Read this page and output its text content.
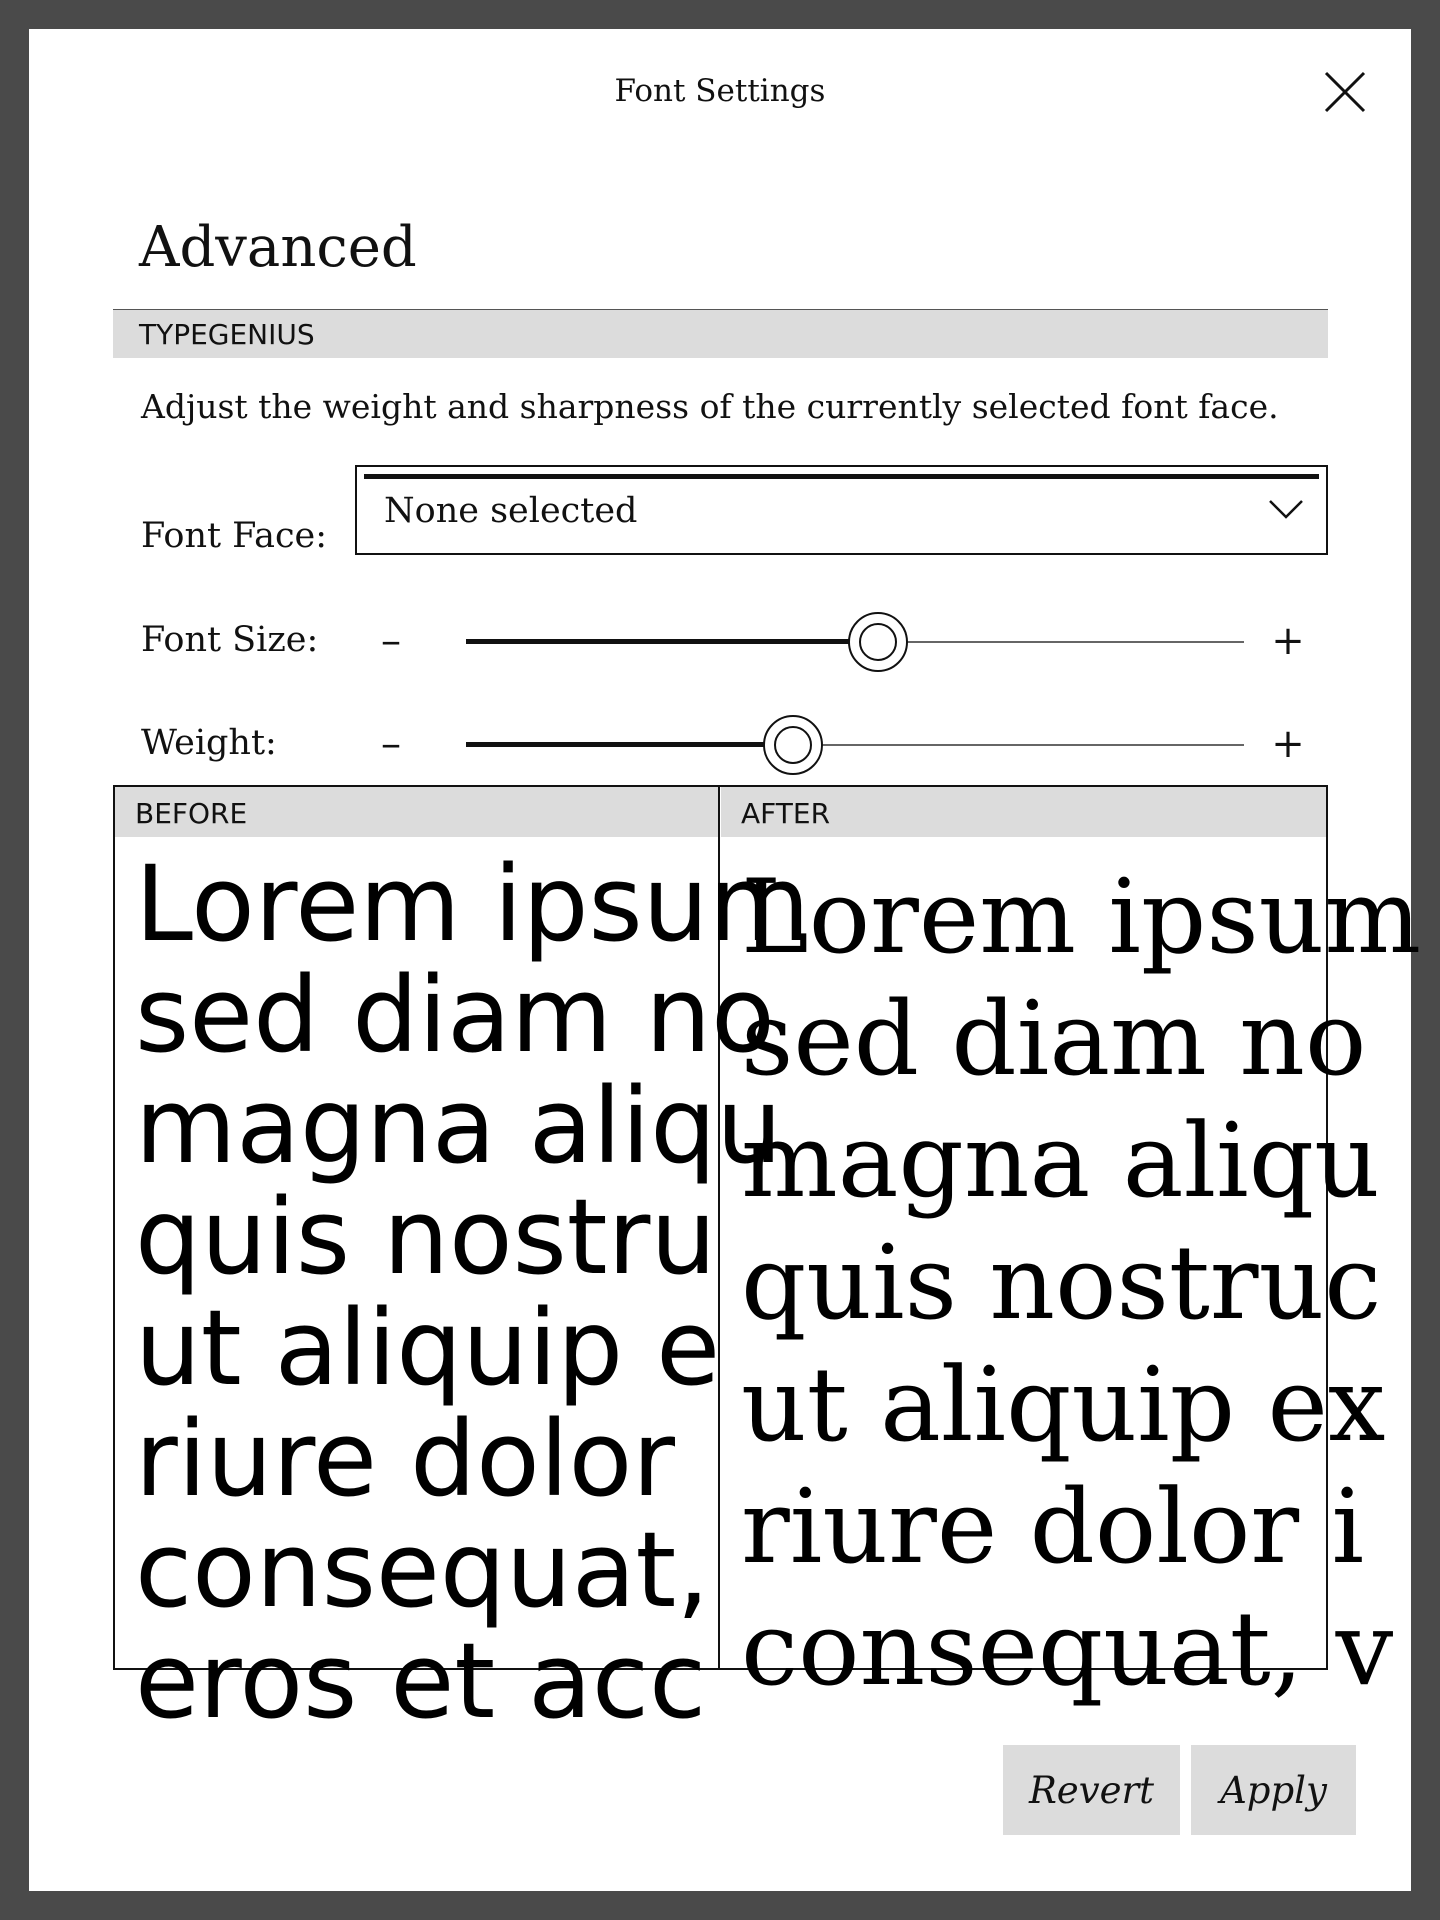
Font Settings
Advanced
TYPEGENIUS
Adjust the weight and sharpness of the currently selected font face.
Font Face:
None selected
Font Size: –	+
Weight:	–	+
BEFORE
Lorem ipsum
sed diam no
magna aliqu
quis nostru
ut aliquip e
riure dolor
consequat,
eros et acc
AFTER
Lorem ipsum
sed diam no
magna aliqu
quis nostruc
ut aliquip ex
riure dolor i
consequat, v
Revert	Apply
